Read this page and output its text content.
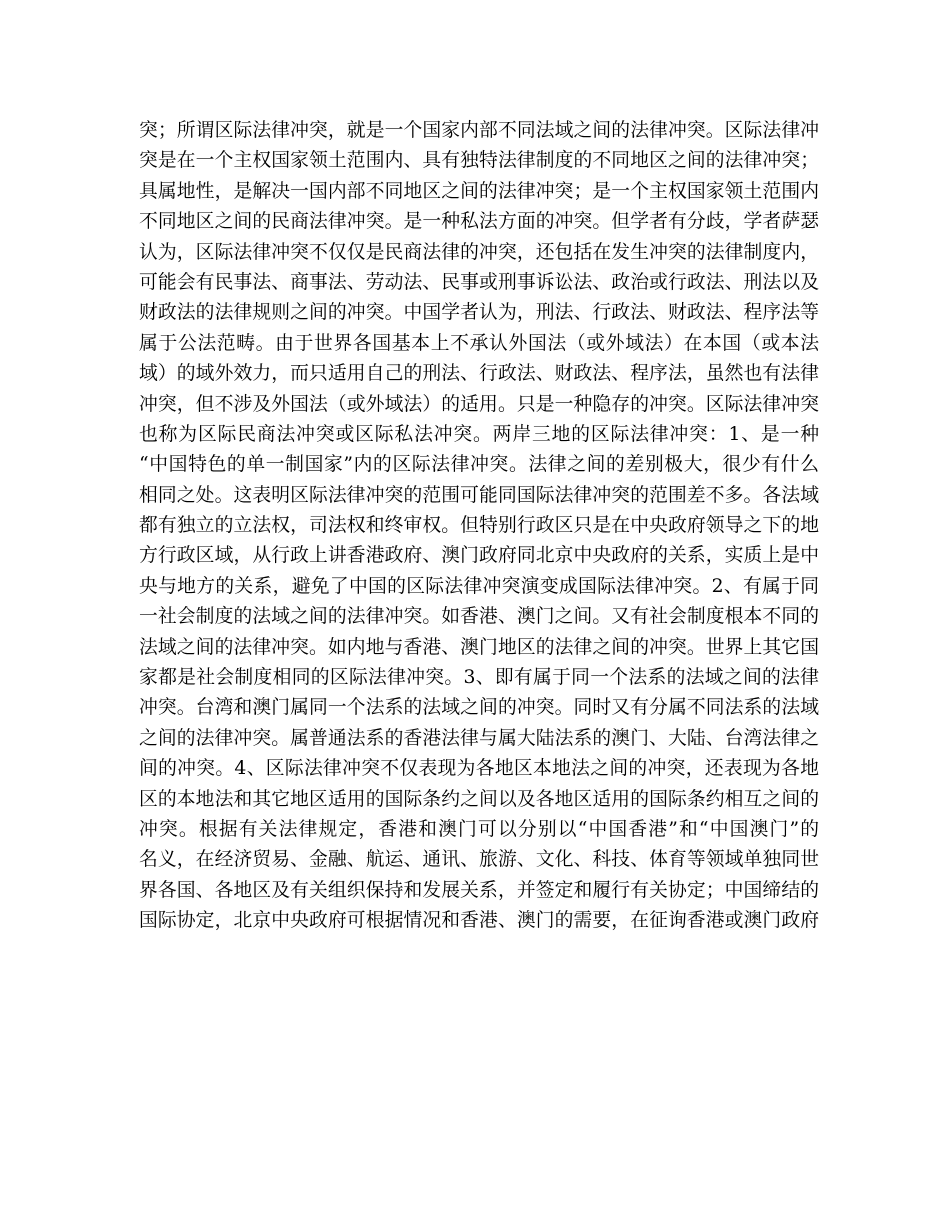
突；所谓区际法律冲突，就是一个国家内部不同法域之间的法律冲突。区际法律冲
突是在一个主权国家领土范围内、具有独特法律制度的不同地区之间的法律冲突；
具属地性，是解决一国内部不同地区之间的法律冲突；是一个主权国家领土范围内
不同地区之间的民商法律冲突。是一种私法方面的冲突。但学者有分歧，学者萨瑟
认为，区际法律冲突不仅仅是民商法律的冲突，还包括在发生冲突的法律制度内，
可能会有民事法、商事法、劳动法、民事或刑事诉讼法、政治或行政法、刑法以及
财政法的法律规则之间的冲突。中国学者认为，刑法、行政法、财政法、程序法等
属于公法范畴。由于世界各国基本上不承认外国法（或外域法）在本国（或本法
域）的域外效力，而只适用自己的刑法、行政法、财政法、程序法，虽然也有法律
冲突，但不涉及外国法（或外域法）的适用。只是一种隐存的冲突。区际法律冲突
也称为区际民商法冲突或区际私法冲突。两岸三地的区际法律冲突：1、是一种
“中国特色的单一制国家”内的区际法律冲突。法律之间的差别极大，很少有什么
相同之处。这表明区际法律冲突的范围可能同国际法律冲突的范围差不多。各法域
都有独立的立法权，司法权和终审权。但特别行政区只是在中央政府领导之下的地
方行政区域，从行政上讲香港政府、澳门政府同北京中央政府的关系，实质上是中
央与地方的关系，避免了中国的区际法律冲突演变成国际法律冲突。2、有属于同
一社会制度的法域之间的法律冲突。如香港、澳门之间。又有社会制度根本不同的
法域之间的法律冲突。如内地与香港、澳门地区的法律之间的冲突。世界上其它国
家都是社会制度相同的区际法律冲突。3、即有属于同一个法系的法域之间的法律
冲突。台湾和澳门属同一个法系的法域之间的冲突。同时又有分属不同法系的法域
之间的法律冲突。属普通法系的香港法律与属大陆法系的澳门、大陆、台湾法律之
间的冲突。4、区际法律冲突不仅表现为各地区本地法之间的冲突，还表现为各地
区的本地法和其它地区适用的国际条约之间以及各地区适用的国际条约相互之间的
冲突。根据有关法律规定，香港和澳门可以分别以“中国香港”和“中国澳门”的
名义，在经济贸易、金融、航运、通讯、旅游、文化、科技、体育等领域单独同世
界各国、各地区及有关组织保持和发展关系，并签定和履行有关协定；中国缔结的
国际协定，北京中央政府可根据情况和香港、澳门的需要，在征询香港或澳门政府
